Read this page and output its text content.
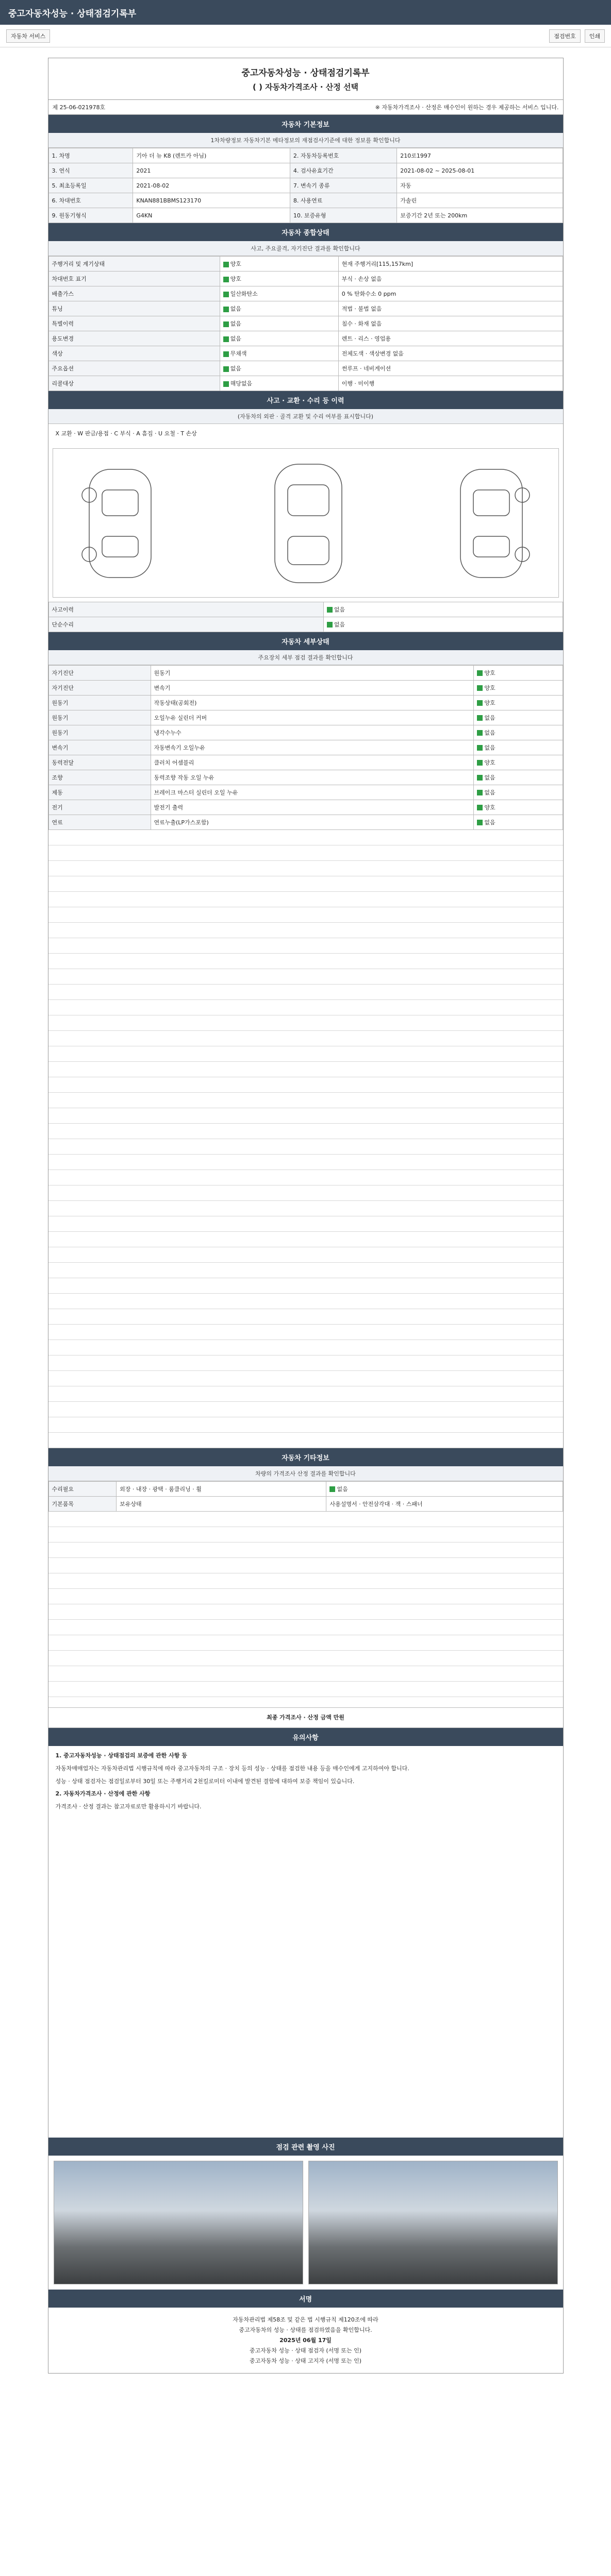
중고자동차성능 · 상태점검기록부
자동차 서비스	점검번호	인쇄
중고자동차성능 · 상태점검기록부
( ) 자동차가격조사 · 산정 선택
제 25-06-021978호	※ 자동차가격조사 · 산정은 매수인이 원하는 경우 제공하는 서비스 입니다.
자동차 기본정보
1차차량정보 자동차기본 메타정보의 재점검사기준에 대한 정보를 확인합니다
1. 차명	기아 더 뉴 K8 (렌트카 아님)	2. 자동차등록번호	210로1997
3. 연식	2021	4. 검사유효기간	2021-08-02 ~ 2025-08-01
5. 최초등록일	2021-08-02	7. 변속기 종류	자동
6. 차대번호	KNAN881BBMS123170	8. 사용연료	가솔린
9. 원동기형식	G4KN	10. 보증유형	보증기간 2년 또는 200km
자동차 종합상태
사고, 주요골격, 자기진단 결과를 확인합니다
주행거리 및 계기상태	양호	현재 주행거리[115,157km]
차대번호 표기	양호	부식 · 손상 없음
배출가스	일산화탄소	0 % 탄화수소 0 ppm
튜닝	없음	적법 · 불법 없음
특별이력	없음	침수 · 화재 없음
용도변경	없음	렌트 · 리스 · 영업용
색상	무채색	전체도색 · 색상변경 없음
주요옵션	없음	썬루프 · 네비게이션
리콜대상	해당없음	이행 · 미이행
사고 · 교환 · 수리 등 이력
(자동차의 외판 · 골격 교환 및 수리 여부를 표시합니다)
X 교환 · W 판금/용접 · C 부식 · A 흠집 · U 요철 · T 손상
사고이력	없음
단순수리	없음
자동차 세부상태
주요장치 세부 점검 결과를 확인합니다
자기진단	원동기	양호
자기진단	변속기	양호
원동기	작동상태(공회전)	양호
원동기	오일누유 실린더 커버	없음
원동기	냉각수누수	없음
변속기	자동변속기 오일누유	없음
동력전달	클러치 어셈블리	양호
조향	동력조향 작동 오일 누유	없음
제동	브레이크 마스터 실린더 오일 누유	없음
전기	발전기 출력	양호
연료	연료누출(LP가스포함)	없음
자동차 기타정보
차량의 가격조사 산정 결과를 확인합니다
수리필요	외장 · 내장 · 광택 · 룸클리닝 · 휠	없음
기본품목	보유상태	사용설명서 · 안전삼각대 · 잭 · 스패너
최종 가격조사 · 산정 금액 만원
유의사항

1. 중고자동차성능 · 상태점검의 보증에 관한 사항 등

자동차매매업자는 자동차관리법 시행규칙에 따라 중고자동차의 구조 · 장치 등의 성능 · 상태를 점검한 내용 등을 매수인에게 고지하여야 합니다.

성능 · 상태 점검자는 점검일로부터 30일 또는 주행거리 2천킬로미터 이내에 발견된 결함에 대하여 보증 책임이 있습니다.

2. 자동차가격조사 · 산정에 관한 사항

가격조사 · 산정 결과는 참고자료로만 활용하시기 바랍니다.

점검 관련 촬영 사진
서명
자동차관리법 제58조 및 같은 법 시행규칙 제120조에 따라
중고자동차의 성능 · 상태를 점검하였음을 확인합니다.
2025년 06월 17일
중고자동차 성능 · 상태 점검자 (서명 또는 인)
중고자동차 성능 · 상태 고지자 (서명 또는 인)
